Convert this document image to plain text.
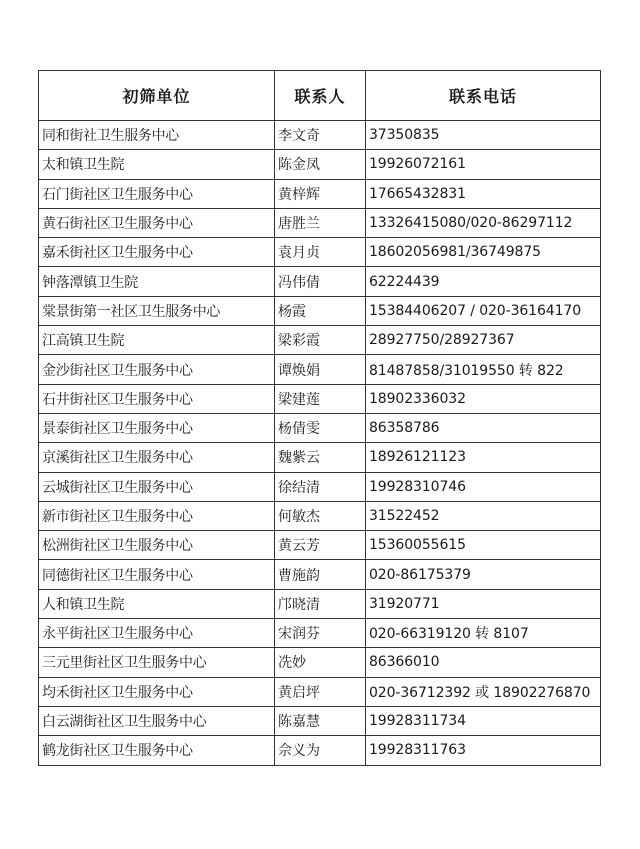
初筛单位	联系人	联系电话
同和街社卫生服务中心	李文奇	37350835
太和镇卫生院	陈金凤	19926072161
石门街社区卫生服务中心	黄梓辉	17665432831
黄石街社区卫生服务中心	唐胜兰	13326415080/020-86297112
嘉禾街社区卫生服务中心	袁月贞	18602056981/36749875
钟落潭镇卫生院	冯伟倩	62224439
棠景街第一社区卫生服务中心	杨霞	15384406207 / 020-36164170
江高镇卫生院	梁彩霞	28927750/28927367
金沙街社区卫生服务中心	谭焕娟	81487858/31019550 转 822
石井街社区卫生服务中心	梁建莲	18902336032
景泰街社区卫生服务中心	杨倩雯	86358786
京溪街社区卫生服务中心	魏紫云	18926121123
云城街社区卫生服务中心	徐结清	19928310746
新市街社区卫生服务中心	何敏杰	31522452
松洲街社区卫生服务中心	黄云芳	15360055615
同德街社区卫生服务中心	曹施韵	020-86175379
人和镇卫生院	邝晓清	31920771
永平街社区卫生服务中心	宋润芬	020-66319120 转 8107
三元里街社区卫生服务中心	冼妙	86366010
均禾街社区卫生服务中心	黄启坪	020-36712392 或 18902276870
白云湖街社区卫生服务中心	陈嘉慧	19928311734
鹤龙街社区卫生服务中心	佘义为	19928311763
